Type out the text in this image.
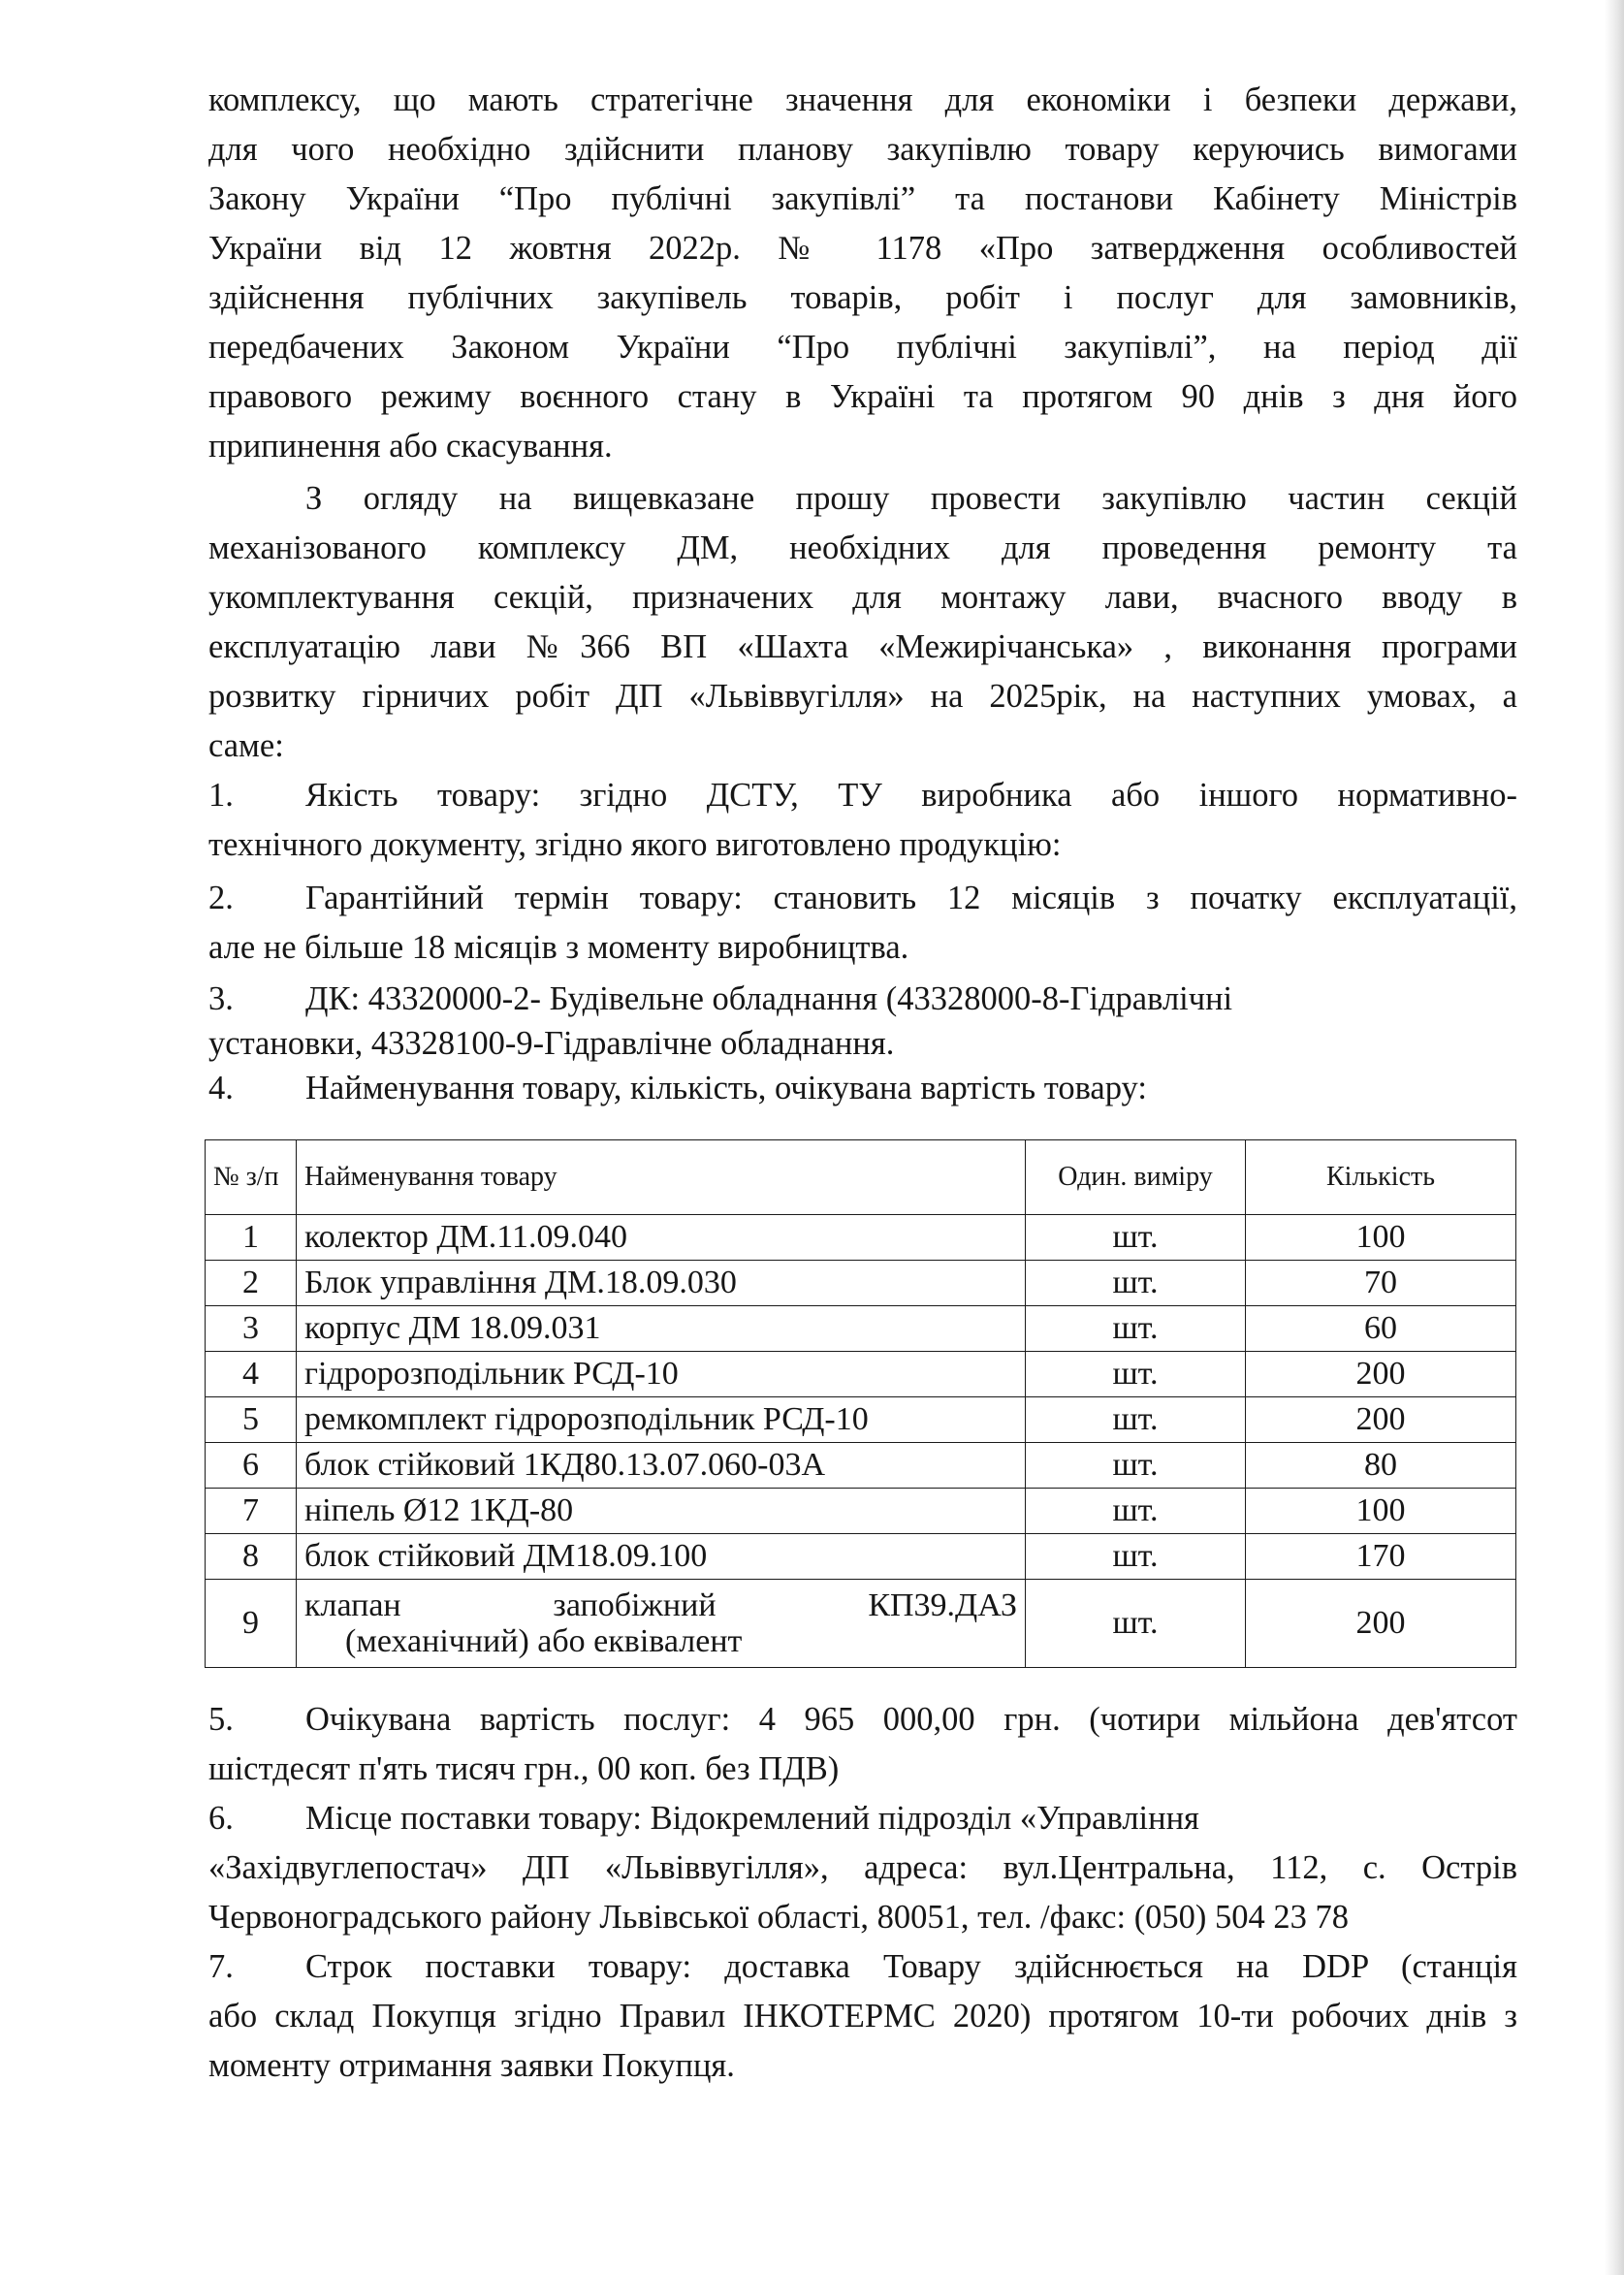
комплексу, що мають стратегічне значення для економіки і безпеки держави,

для чого необхідно здійснити планову закупівлю товару керуючись вимогами

Закону України “Про публічні закупівлі” та постанови Кабінету Міністрів

України від 12 жовтня 2022р. № 1178 «Про затвердження особливостей

здійснення публічних закупівель товарів, робіт і послуг для замовників,

передбачених Законом України “Про публічні закупівлі”, на період дії

правового режиму воєнного стану в Україні та протягом 90 днів з дня його

припинення або скасування.

З огляду на вищевказане прошу провести закупівлю частин секцій

механізованого комплексу ДМ, необхідних для проведення ремонту та

укомплектування секцій, призначених для монтажу лави, вчасного вводу в

експлуатацію лави №366 ВП «Шахта «Межирічанська» , виконання програми

розвитку гірничих робіт ДП «Львіввугілля» на 2025рік, на наступних умовах, а

саме:

1.	Якість товару: згідно ДСТУ, ТУ виробника або іншого нормативно-

технічного документу, згідно якого виготовлено продукцію:

2.	Гарантійний термін товару: становить 12 місяців з початку експлуатації,

але не більше 18 місяців з моменту виробництва.

3.	ДК: 43320000-2- Будівельне обладнання (43328000-8-Гідравлічні

установки, 43328100-9-Гідравлічне обладнання.

4.	Найменування товару, кількість, очікувана вартість товару:
№ з/п	Найменування товару	Один. виміру	Кількість
1	колектор ДМ.11.09.040	шт.	100
2	Блок управління ДМ.18.09.030	шт.	70
3	корпус ДМ 18.09.031	шт.	60
4	гідророзподільник РСД-10	шт.	200
5	ремкомплект гідророзподільник РСД-10	шт.	200
6	блок стійковий 1КД80.13.07.060-03А	шт.	80
7	ніпель Ø12 1КД-80	шт.	100
8	блок стійковий ДМ18.09.100	шт.	170
9	клапан запобіжний КП39.ДАЗ
(механічний) або еквівалент	шт.	200
5.	Очікувана вартість послуг: 4 965 000,00 грн. (чотири мільйона дев'ятсот

шістдесят п'ять тисяч грн., 00 коп. без ПДВ)

6.	Місце поставки товару: Відокремлений підрозділ «Управління

«Західвуглепостач» ДП «Львіввугілля», адреса: вул.Центральна, 112, с. Острів Червоноградського району Львівської області, 80051, тел. /факс: (050) 504 23 78

7.	Строк поставки товару: доставка Товару здійснюється на DDP (станція

або склад Покупця згідно Правил ІНКОТЕРМС 2020) протягом 10-ти робочих днів з моменту отримання заявки Покупця.
